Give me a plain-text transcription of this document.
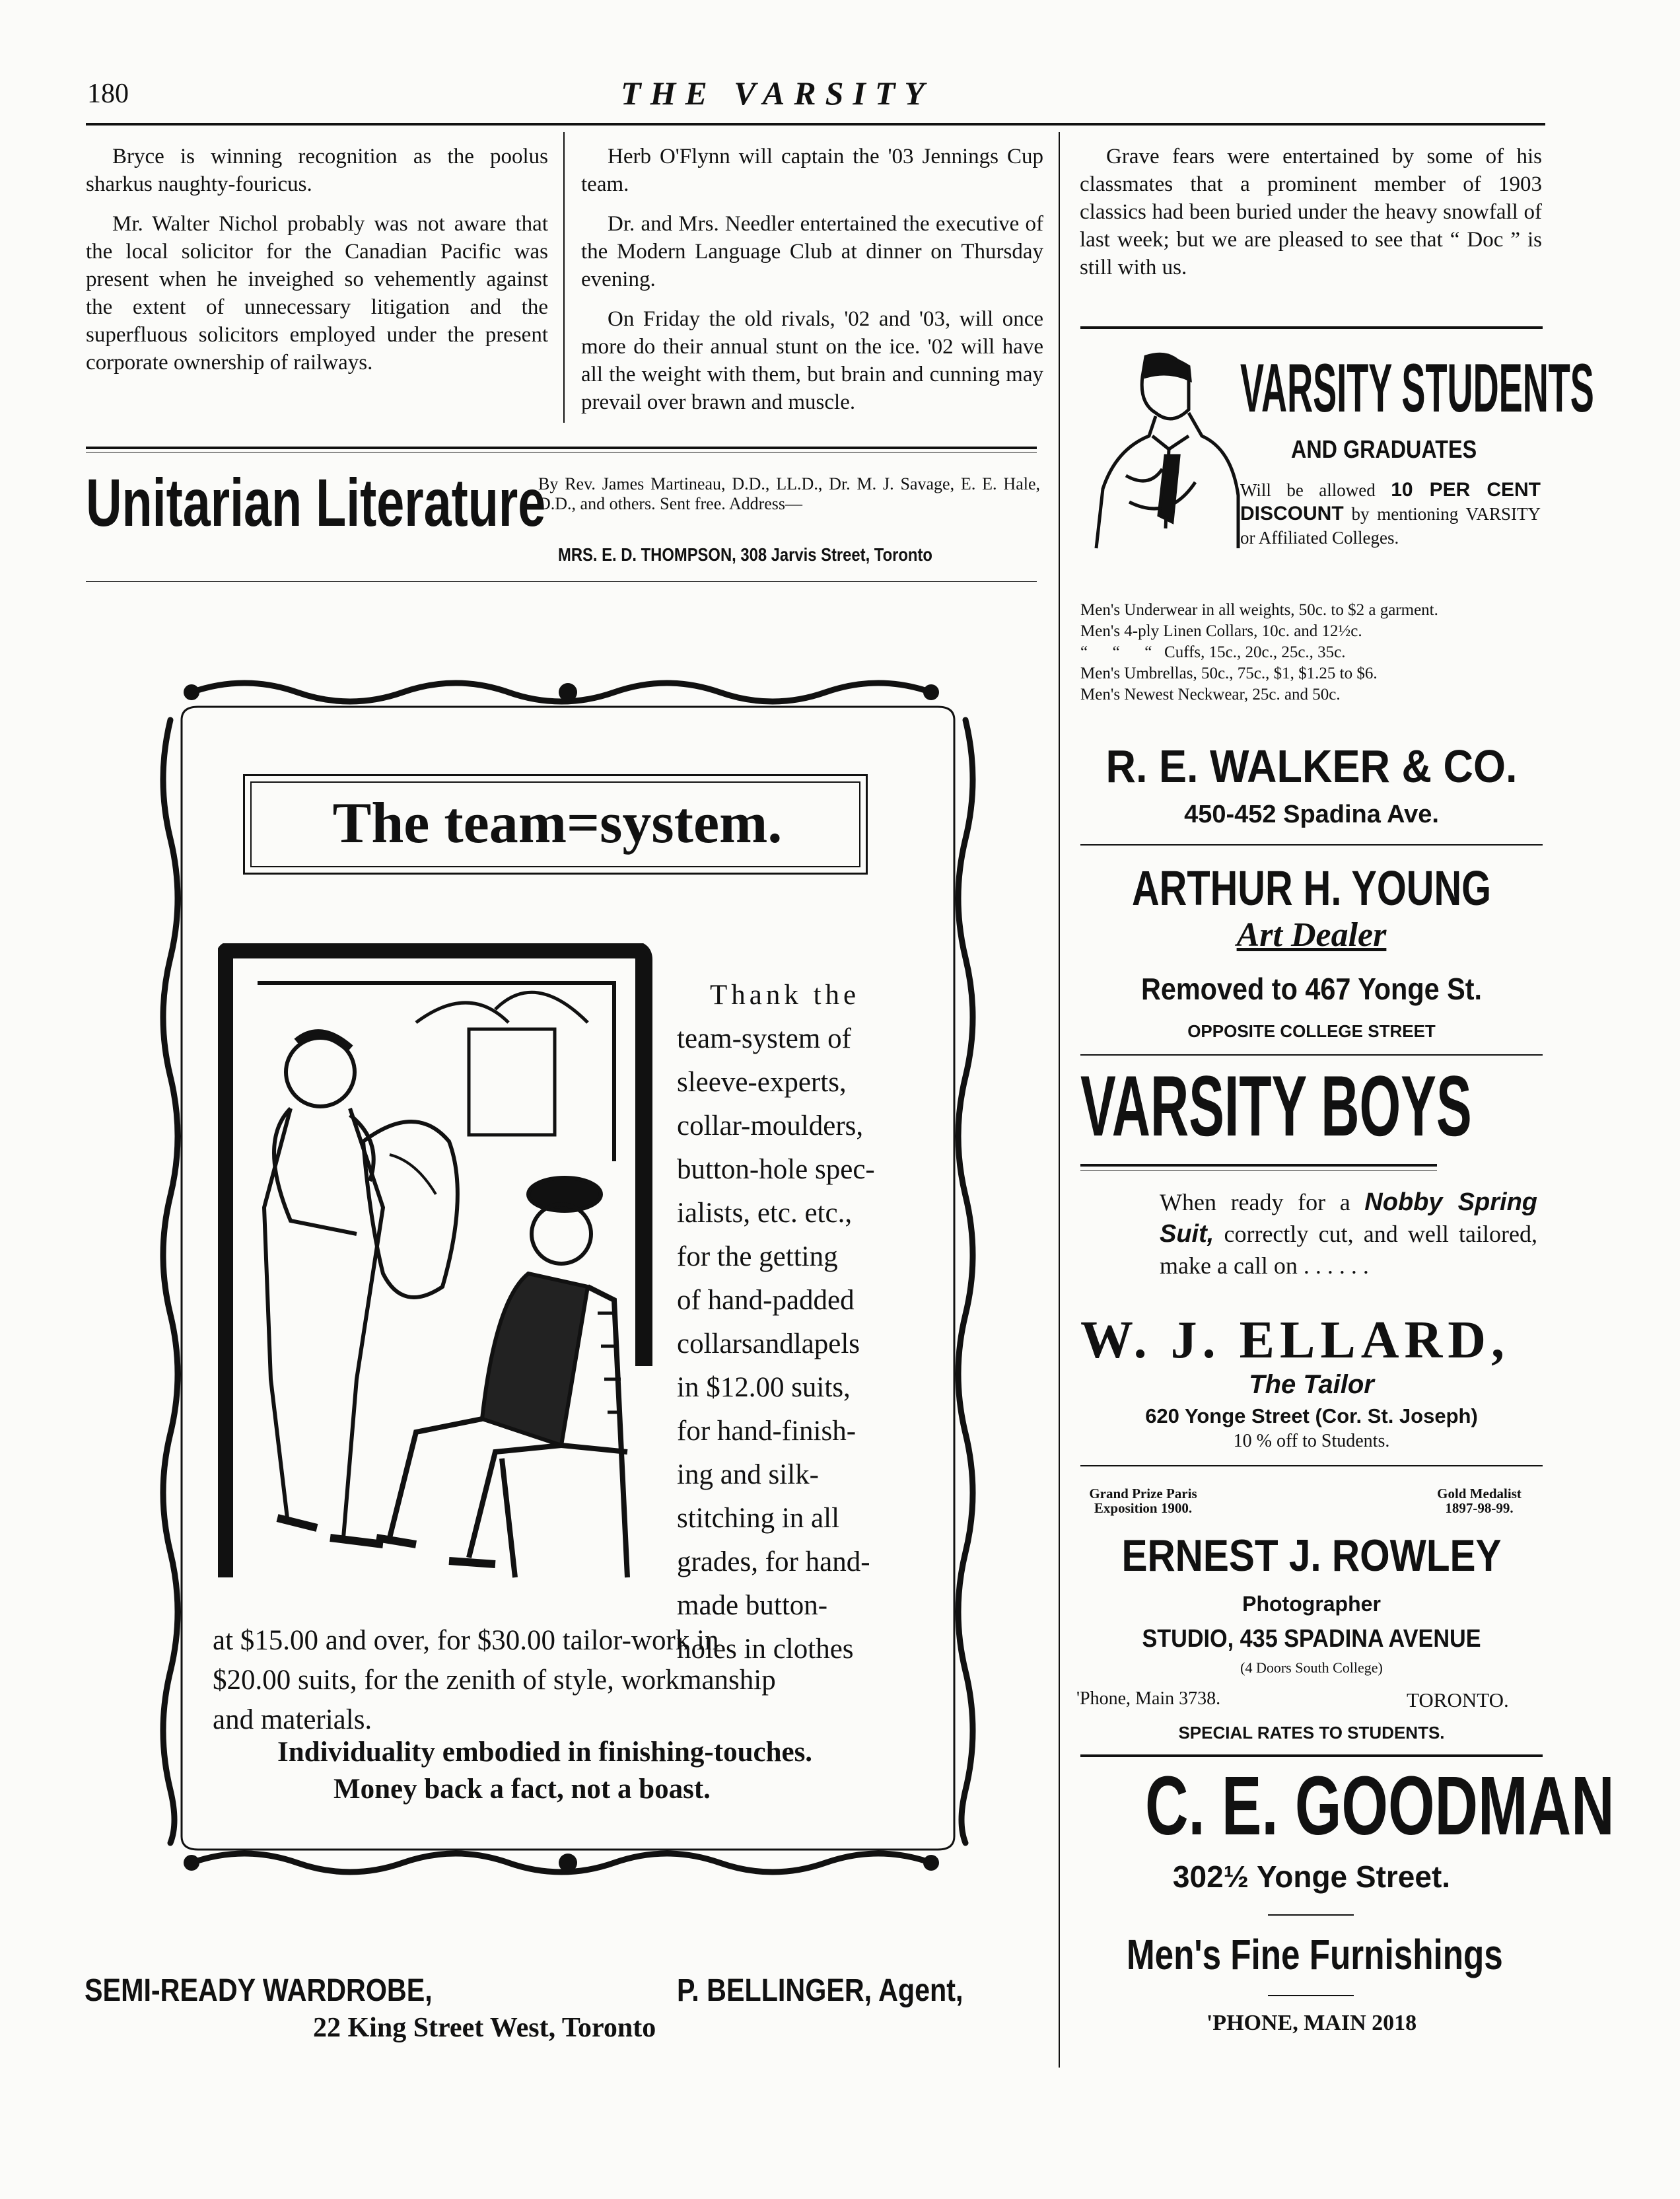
180	THE VARSITY

Bryce is winning recognition as the poolus sharkus naughty-fouricus.

Mr. Walter Nichol probably was not aware that the local solicitor for the Canadian Pacific was present when he inveighed so vehemently against the extent of unnecessary litigation and the superfluous solicitors employed under the present corporate ownership of railways.

Herb O'Flynn will captain the '03 Jennings Cup team.

Dr. and Mrs. Needler entertained the executive of the Modern Language Club at dinner on Thursday evening.

On Friday the old rivals, '02 and '03, will once more do their annual stunt on the ice. '02 will have all the weight with them, but brain and cunning may prevail over brawn and muscle.

Grave fears were entertained by some of his classmates that a prominent member of 1903 classics had been buried under the heavy snowfall of last week; but we are pleased to see that “ Doc ” is still with us.

Unitarian Literature
By Rev. James Martineau, D.D., LL.D., Dr. M. J. Savage, E. E. Hale, D.D., and others. Sent free. Address—
MRS. E. D. THOMPSON, 308 Jarvis Street, Toronto
The team=system.
Thank the
team-system of
sleeve-experts,
collar-moulders,
button-hole spec-
ialists, etc. etc.,
for the getting
of hand-padded
collarsandlapels
in $12.00 suits,
for hand-finish-
ing and silk-
stitching in all
grades, for hand-
made button-
holes in clothes
at $15.00 and over, for $30.00 tailor-work in
$20.00 suits, for the zenith of style, workmanship
and materials.
Individuality embodied in finishing-touches.
Money back a fact, not a boast.
SEMI-READY WARDROBE,	P. BELLINGER, Agent,
22 King Street West, Toronto
VARSITY STUDENTS
AND GRADUATES
Will be allowed 10 PER CENT DISCOUNT by mentioning VARSITY or Affiliated Colleges.
Men's Underwear in all weights, 50c. to $2 a garment.
Men's 4-ply Linen Collars, 10c. and 12½c.
“      “      “   Cuffs, 15c., 20c., 25c., 35c.
Men's Umbrellas, 50c., 75c., $1, $1.25 to $6.
Men's Newest Neckwear, 25c. and 50c.
R. E. WALKER & CO.
450-452 Spadina Ave.
ARTHUR H. YOUNG
Art Dealer
Removed to 467 Yonge St.
OPPOSITE COLLEGE STREET
VARSITY BOYS
When ready for a Nobby Spring Suit, correctly cut, and well tailored, make a call on . . . . . .
W. J. ELLARD,
The Tailor
620 Yonge Street (Cor. St. Joseph)
10 % off to Students.
Grand Prize Paris Exposition 1900.
Gold Medalist 1897-98-99.
ERNEST J. ROWLEY
Photographer
STUDIO, 435 SPADINA AVENUE
(4 Doors South College)
'Phone, Main 3738.	TORONTO.
SPECIAL RATES TO STUDENTS.
C. E. GOODMAN
302½ Yonge Street.
Men's Fine Furnishings
'PHONE, MAIN 2018
